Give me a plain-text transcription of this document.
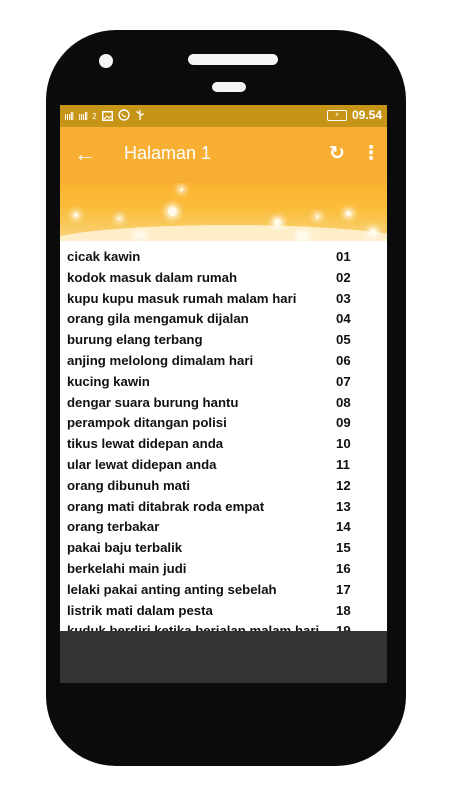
ıııll ıııll 2	⚡	09.54
← Halaman 1	↻ ⋮
cicak kawin	01
kodok masuk dalam rumah	02
kupu kupu masuk rumah malam hari	03
orang gila mengamuk dijalan	04
burung elang terbang	05
anjing melolong dimalam hari	06
kucing kawin	07
dengar suara burung hantu	08
perampok ditangan polisi	09
tikus lewat didepan anda	10
ular lewat didepan anda	11
orang dibunuh mati	12
orang mati ditabrak roda empat	13
orang terbakar	14
pakai baju terbalik	15
berkelahi main judi	16
lelaki pakai anting anting sebelah	17
listrik mati dalam pesta	18
